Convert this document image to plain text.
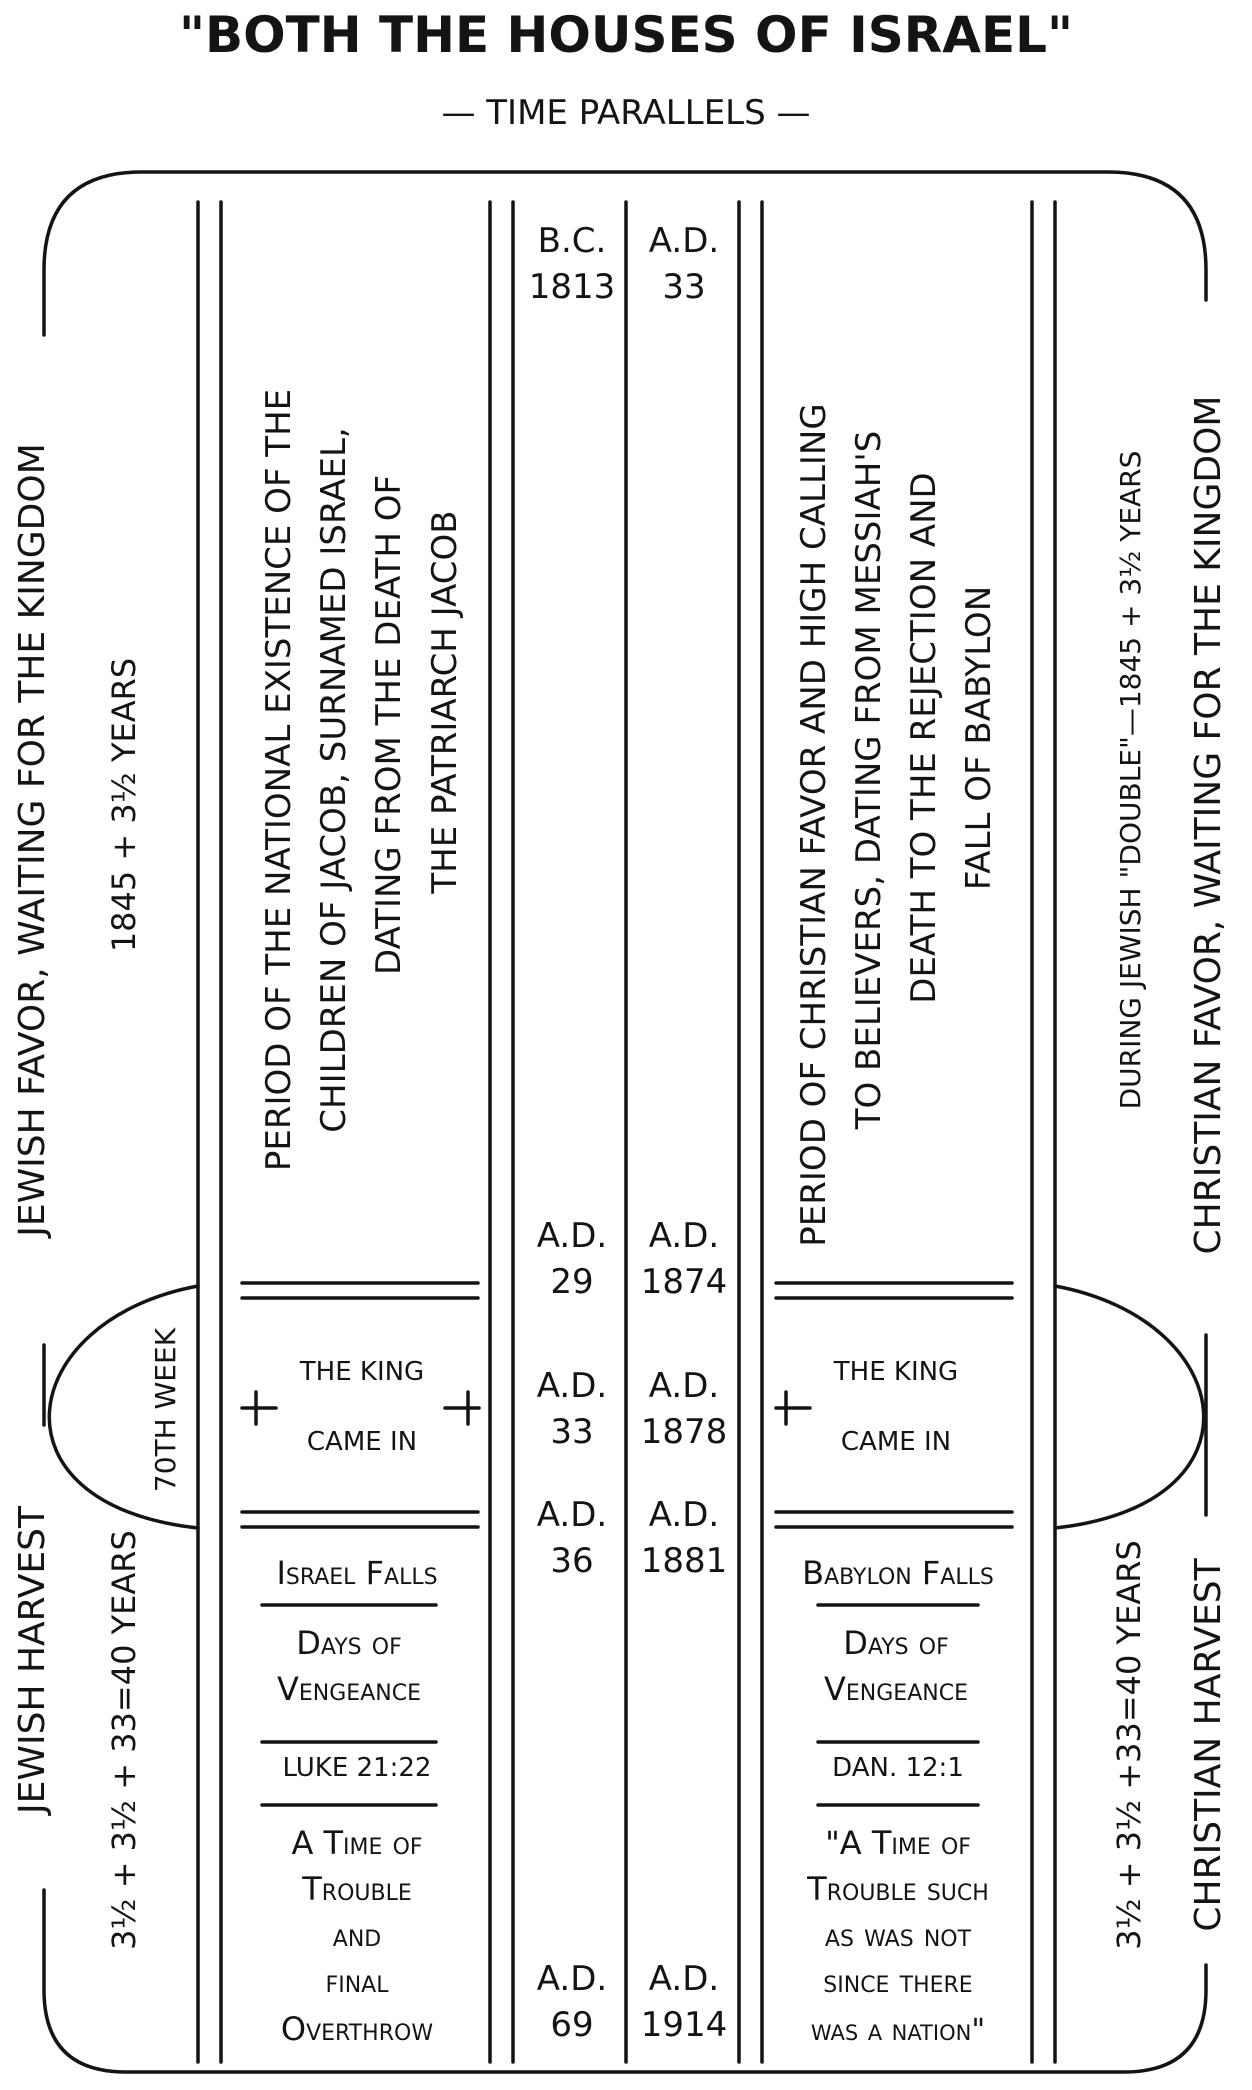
"BOTH THE HOUSES OF ISRAEL"
— TIME PARALLELS —
JEWISH FAVOR, WAITING FOR THE KINGDOM 1845 + 3½ YEARS
JEWISH HARVEST 3½ + 3½ + 33=40 YEARS
70TH WEEK
CHRISTIAN FAVOR, WAITING FOR THE KINGDOM
DURING JEWISH "DOUBLE"—1845 + 3½ YEARS
CHRISTIAN HARVEST
3½ + 3½ +33=40 YEARS
PERIOD OF THE NATIONAL EXISTENCE OF THE CHILDREN OF JACOB, SURNAMED ISRAEL, DATING FROM THE DEATH OF THE PATRIARCH JACOB	PERIOD OF CHRISTIAN FAVOR AND HIGH CALLING TO BELIEVERS, DATING FROM MESSIAH'S DEATH TO THE REJECTION AND FALL OF BABYLON
B.C.
1813
A.D.
29
A.D.
33
A.D.
36
A.D.
69
A.D.
33
A.D.
1874
A.D.
1878
A.D.
1881
A.D.
1914
THE KING
CAME IN
THE KING
CAME IN
Israel Falls
Days of
Vengeance
LUKE 21:22
A Time of
Trouble
and
final
Overthrow
Babylon Falls
Days of
Vengeance
DAN. 12:1
"A Time of
Trouble such
as was not
since there
was a nation"
